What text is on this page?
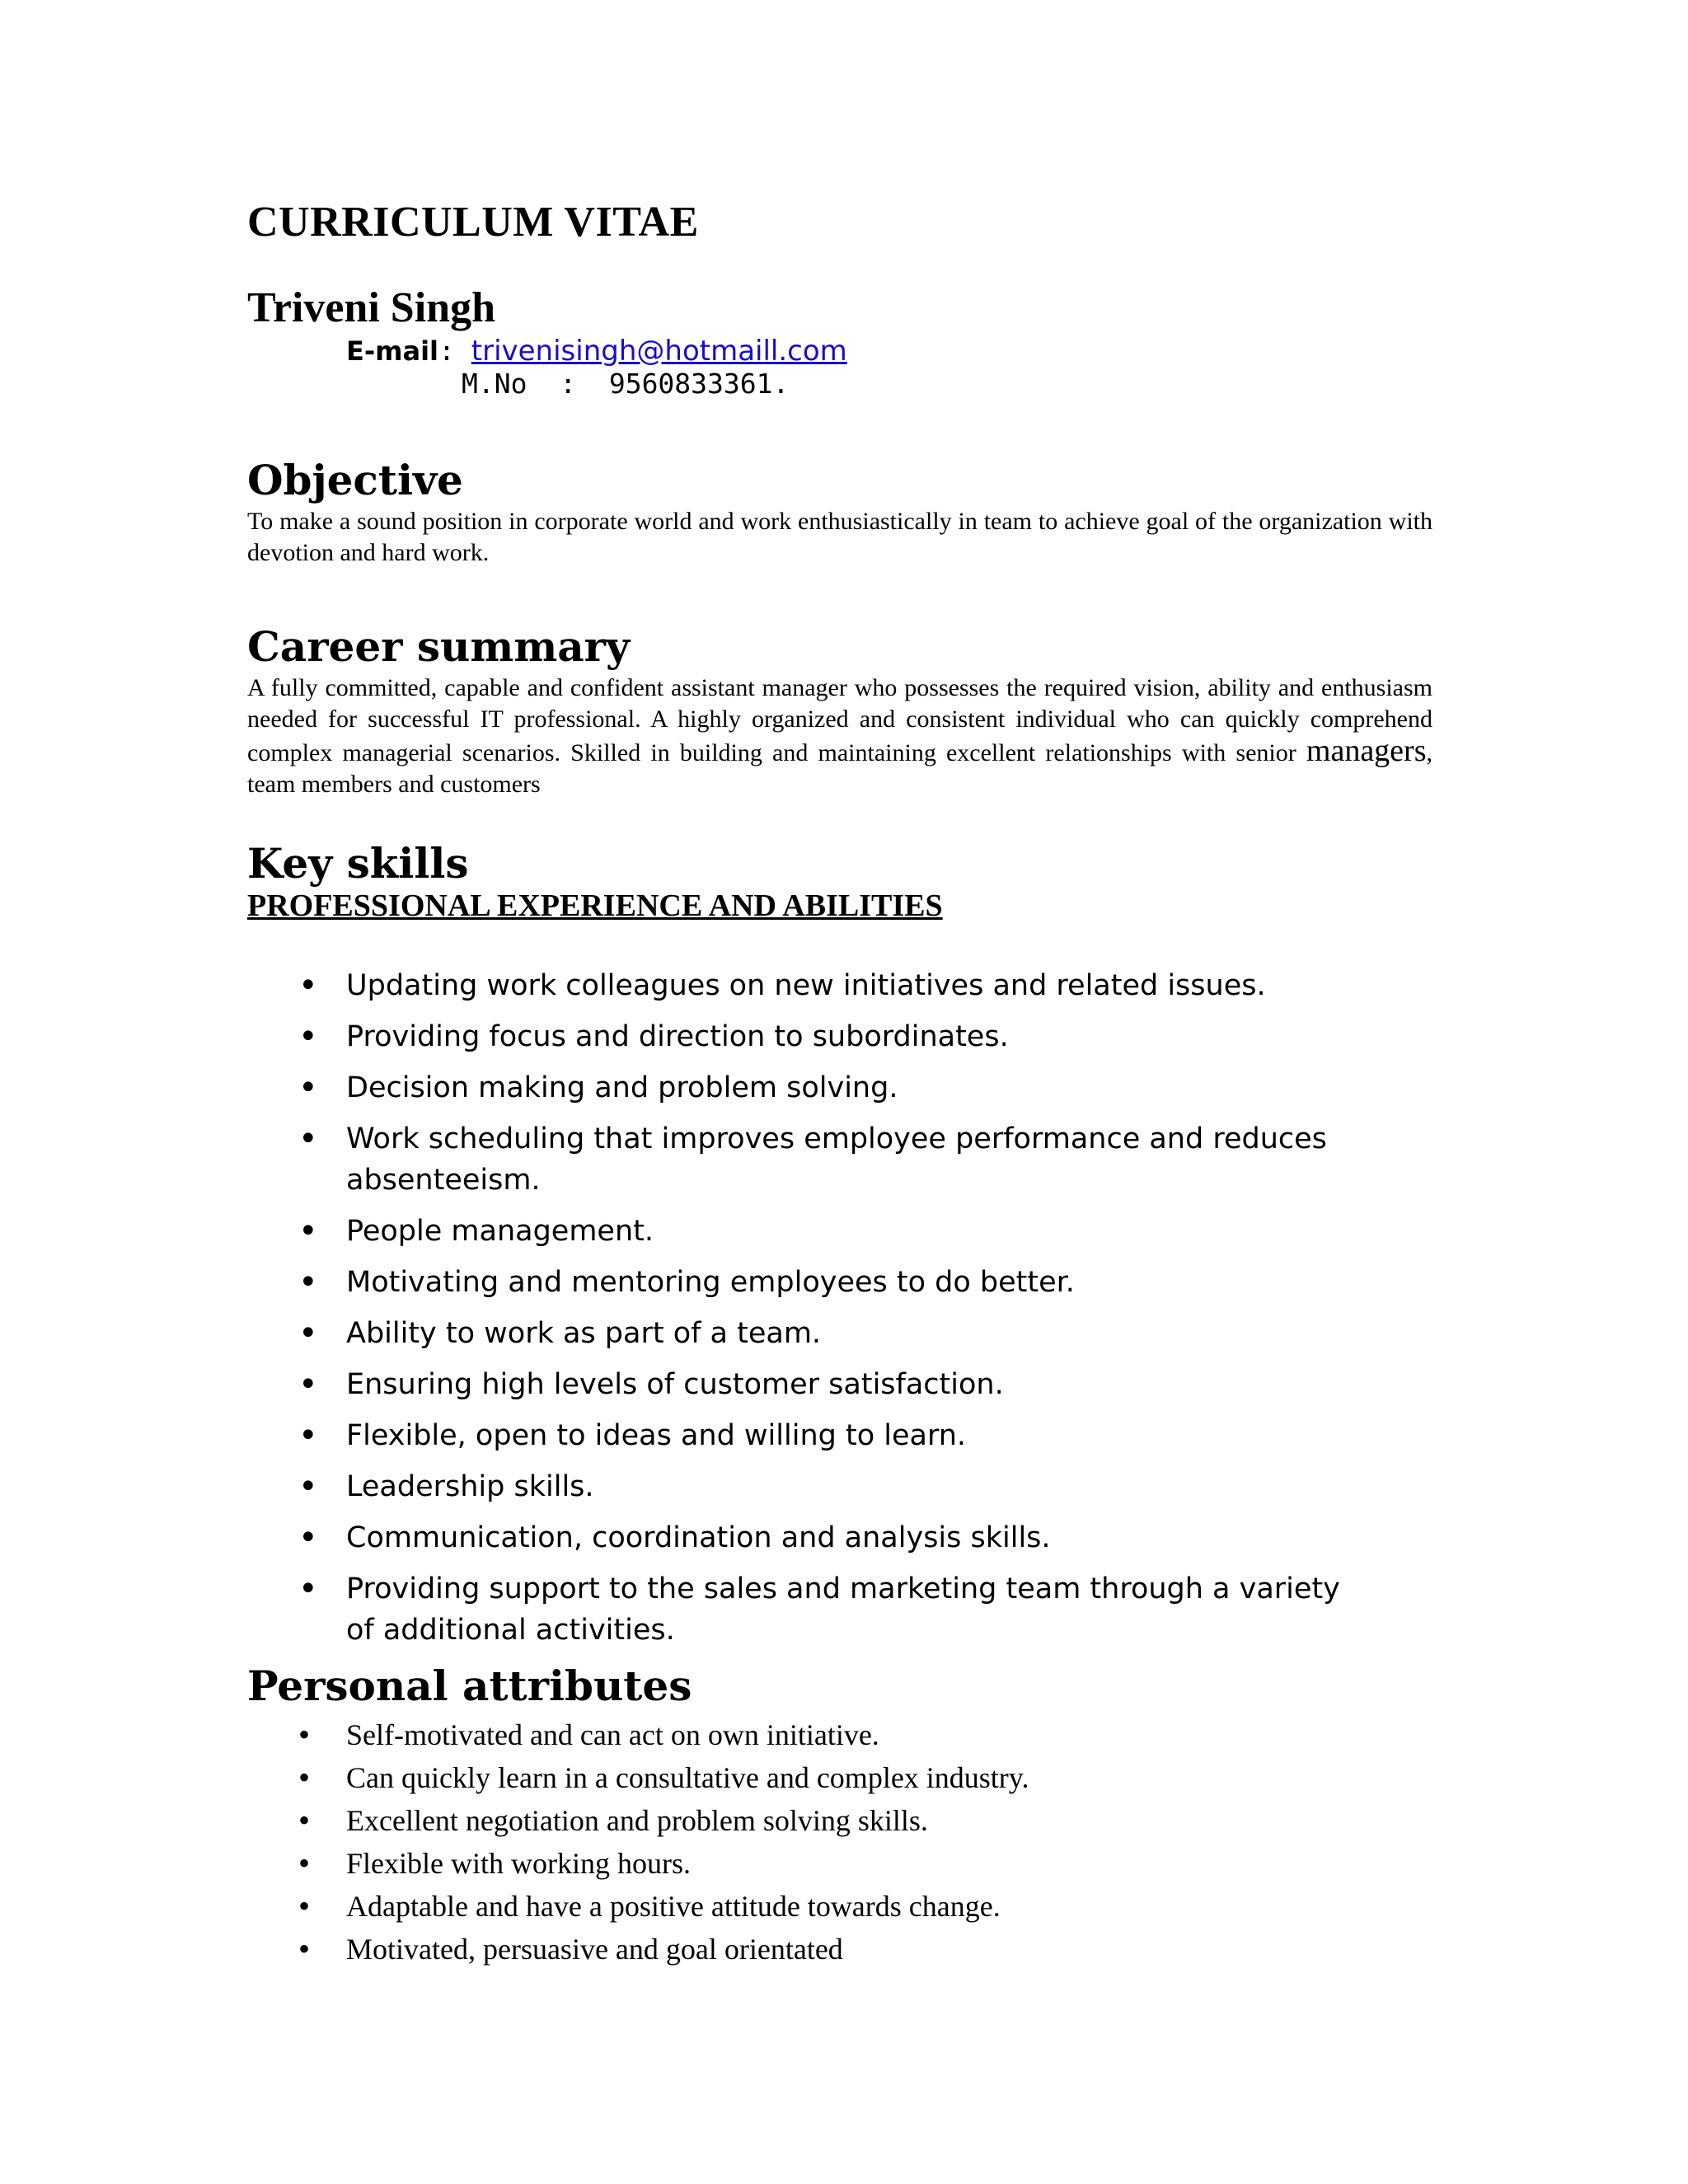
CURRICULUM VITAE
Triveni Singh
E-mail: trivenisingh@hotmaill.com
M.No  :  9560833361.
Objective

To make a sound position in corporate world and work enthusiastically in team to achieve goal of the organization with devotion and hard work.

Career summary

A fully committed, capable and confident assistant manager who possesses the required vision, ability and enthusiasm needed for successful IT professional. A highly organized and consistent individual who can quickly comprehend complex managerial scenarios. Skilled in building and maintaining excellent relationships with senior managers, team members and customers

Key skills
PROFESSIONAL EXPERIENCE AND ABILITIES
• Updating work colleagues on new initiatives and related issues.
• Providing focus and direction to subordinates.
• Decision making and problem solving.
• Work scheduling that improves employee performance and reduces absenteeism.
• People management.
• Motivating and mentoring employees to do better.
• Ability to work as part of a team.
• Ensuring high levels of customer satisfaction.
• Flexible, open to ideas and willing to learn.
• Leadership skills.
• Communication, coordination and analysis skills.
• Providing support to the sales and marketing team through a variety of additional activities.
Personal attributes
• Self-motivated and can act on own initiative.
• Can quickly learn in a consultative and complex industry.
• Excellent negotiation and problem solving skills.
• Flexible with working hours.
• Adaptable and have a positive attitude towards change.
• Motivated, persuasive and goal orientated
